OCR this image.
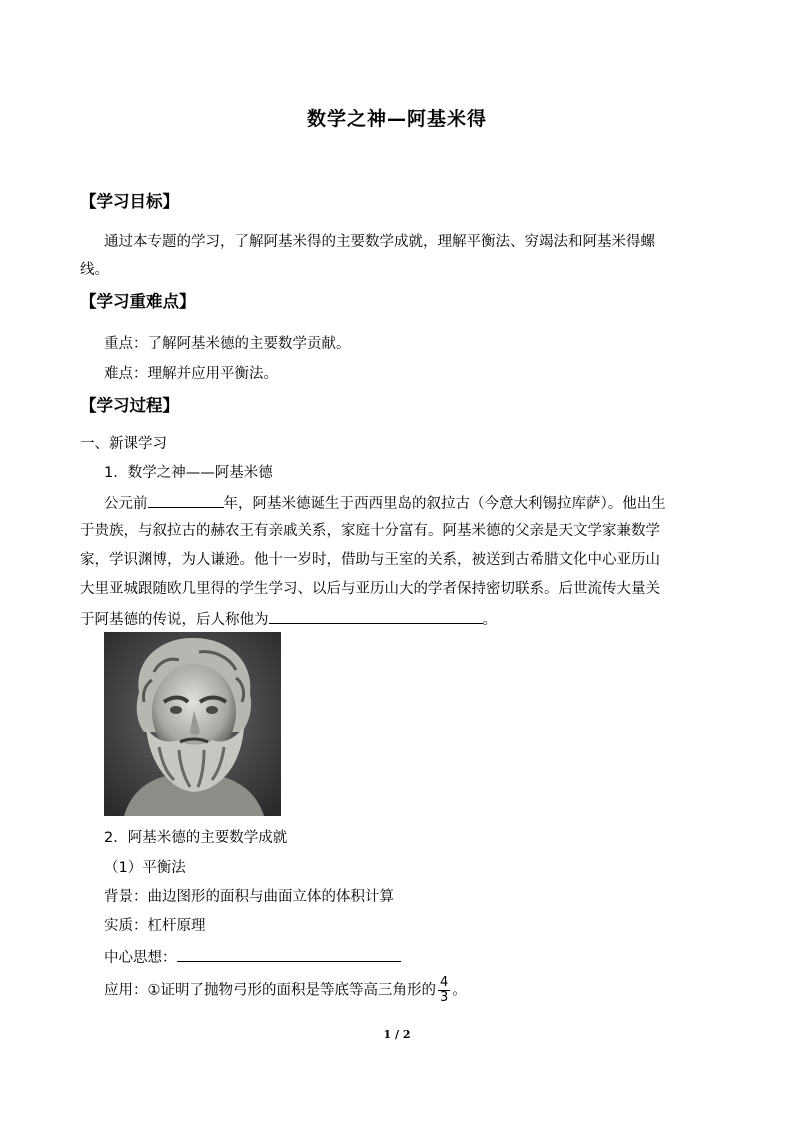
数学之神—阿基米得
【学习目标】
通过本专题的学习，了解阿基米得的主要数学成就，理解平衡法、穷竭法和阿基米得螺
线。
【学习重难点】
重点：了解阿基米德的主要数学贡献。
难点：理解并应用平衡法。
【学习过程】
一、新课学习
1．数学之神——阿基米德
公元前	年，阿基米德诞生于西西里岛的叙拉古（今意大利锡拉库萨）。他出生
于贵族，与叙拉古的赫农王有亲戚关系，家庭十分富有。阿基米德的父亲是天文学家兼数学
家，学识渊博，为人谦逊。他十一岁时，借助与王室的关系，被送到古希腊文化中心亚历山
大里亚城跟随欧几里得的学生学习、以后与亚历山大的学者保持密切联系。后世流传大量关
于阿基德的传说，后人称他为	。
2．阿基米德的主要数学成就
（1）平衡法
背景：曲边图形的面积与曲面立体的体积计算
实质：杠杆原理
中心思想：
应用：①证明了抛物弓形的面积是等底等高三角形的 $\frac{4}{3}$ 。
1 / 2
